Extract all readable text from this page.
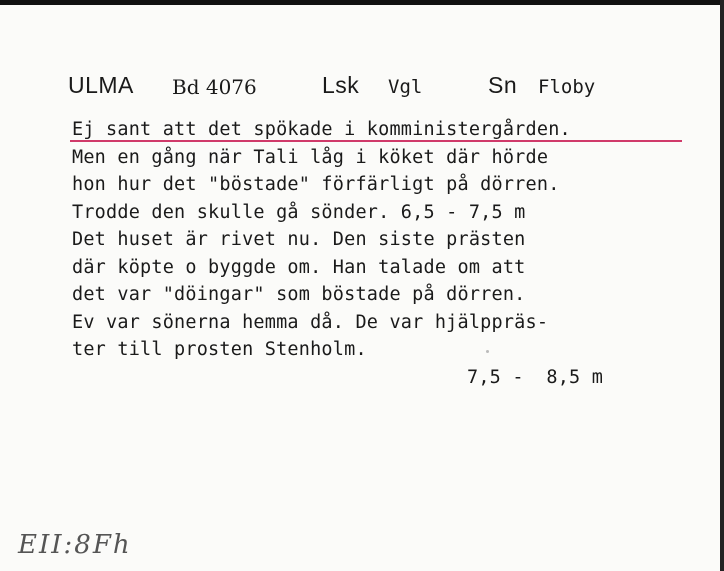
ULMA Bd 4076	Lsk Vgl	Sn Floby
Ej sant att det spökade i komministergården.
Men en gång när Tali låg i köket där hörde
hon hur det "böstade" förfärligt på dörren.
Trodde den skulle gå sönder. 6,5 - 7,5 m
Det huset är rivet nu. Den siste prästen
där köpte o byggde om. Han talade om att
det var "döingar" som böstade på dörren.
Ev var sönerna hemma då. De var hjälppräs-
ter till prosten Stenholm.
7,5 -  8,5 m
EII:8Fh
